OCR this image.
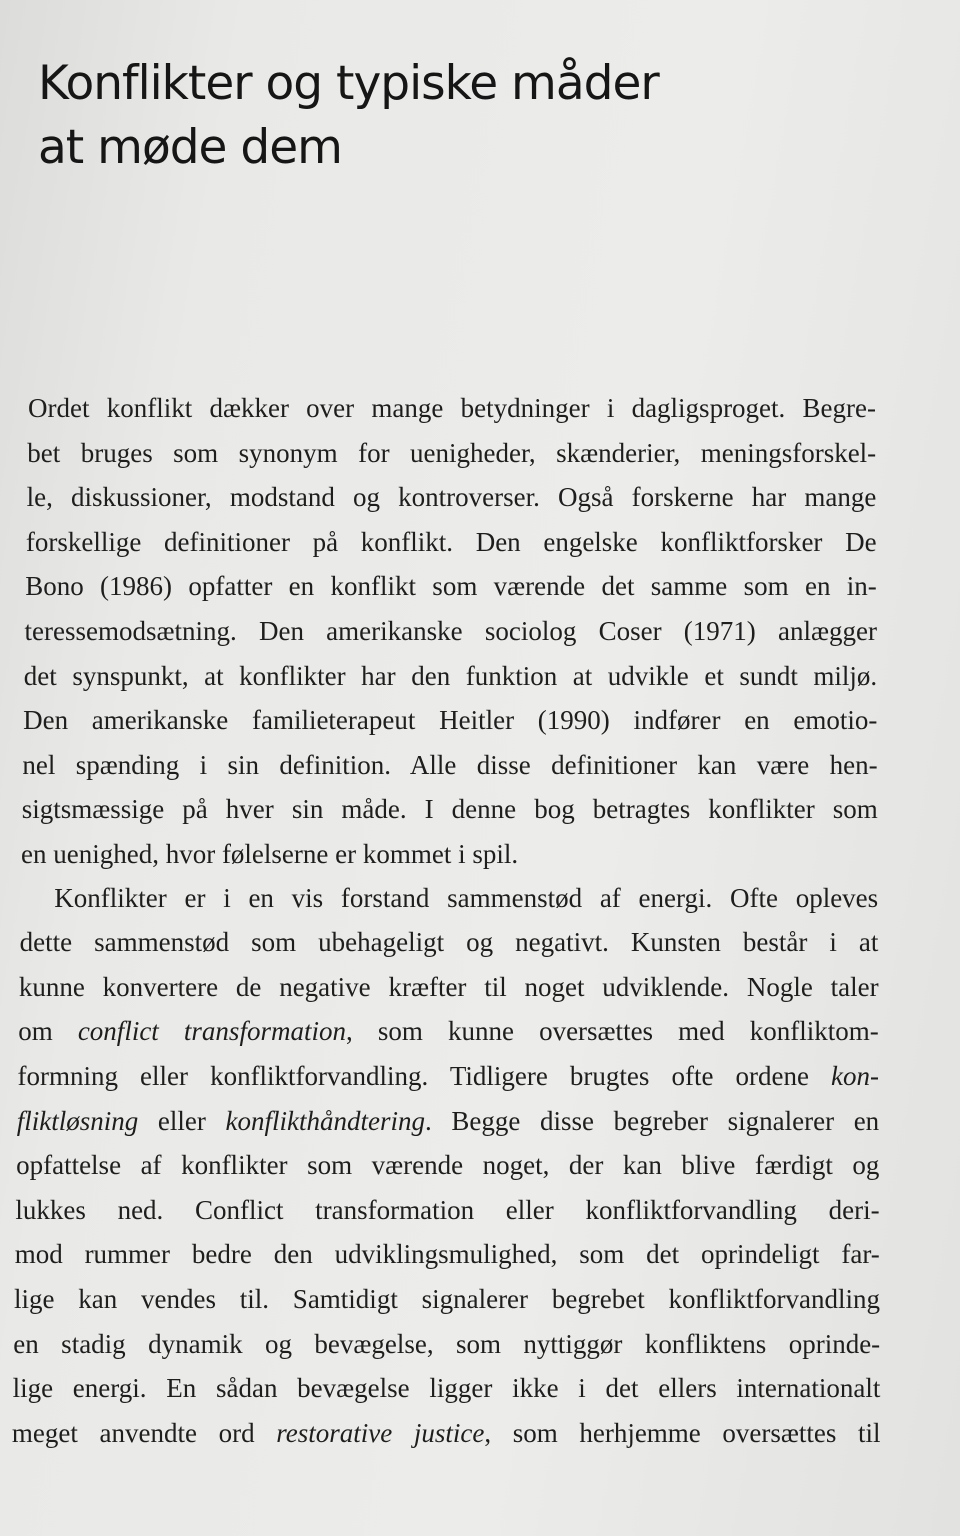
Konflikter og typiske måder
at møde dem
Ordet konflikt dækker over mange betydninger i dagligsproget. Begre-
bet bruges som synonym for uenigheder, skænderier, meningsforskel-
le, diskussioner, modstand og kontroverser. Også forskerne har mange
forskellige definitioner på konflikt. Den engelske konfliktforsker De
Bono (1986) opfatter en konflikt som værende det samme som en in-
teressemodsætning. Den amerikanske sociolog Coser (1971) anlægger
det synspunkt, at konflikter har den funktion at udvikle et sundt miljø.
Den amerikanske familieterapeut Heitler (1990) indfører en emotio-
nel spænding i sin definition. Alle disse definitioner kan være hen-
sigtsmæssige på hver sin måde. I denne bog betragtes konflikter som
en uenighed, hvor følelserne er kommet i spil.
Konflikter er i en vis forstand sammenstød af energi. Ofte opleves
dette sammenstød som ubehageligt og negativt. Kunsten består i at
kunne konvertere de negative kræfter til noget udviklende. Nogle taler
om conflict transformation, som kunne oversættes med konfliktom-
formning eller konfliktforvandling. Tidligere brugtes ofte ordene kon-
fliktløsning eller konflikthåndtering. Begge disse begreber signalerer en
opfattelse af konflikter som værende noget, der kan blive færdigt og
lukkes ned. Conflict transformation eller konfliktforvandling deri-
mod rummer bedre den udviklingsmulighed, som det oprindeligt far-
lige kan vendes til. Samtidigt signalerer begrebet konfliktforvandling
en stadig dynamik og bevægelse, som nyttiggør konfliktens oprinde-
lige energi. En sådan bevægelse ligger ikke i det ellers internationalt
meget anvendte ord restorative justice, som herhjemme oversættes til
